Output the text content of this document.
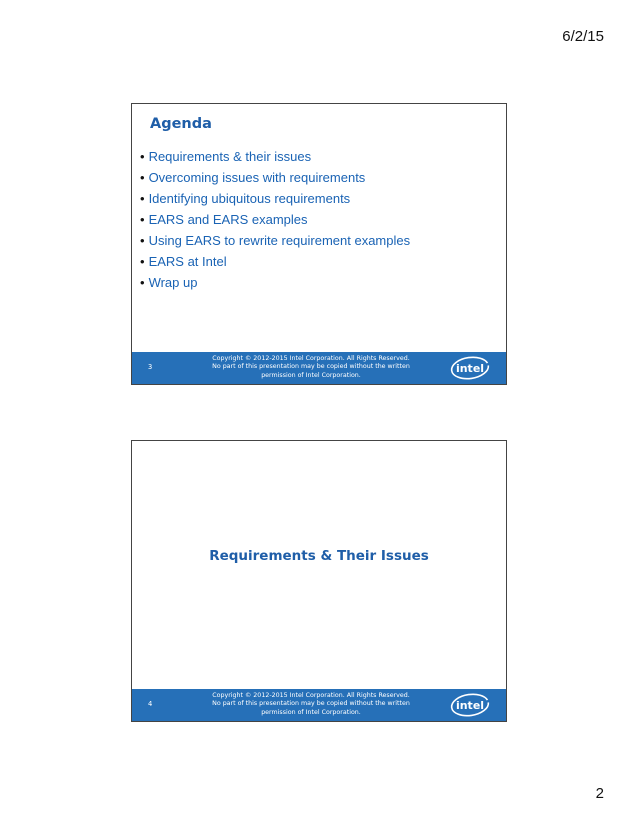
6/2/15
Agenda
• Requirements & their issues
• Overcoming issues with requirements
• Identifying ubiquitous requirements
• EARS and EARS examples
• Using EARS to rewrite requirement examples
• EARS at Intel
• Wrap up
3
Copyright © 2012-2015 Intel Corporation. All Rights Reserved.
No part of this presentation may be copied without the written
permission of Intel Corporation.
intel
Requirements & Their Issues
4
Copyright © 2012-2015 Intel Corporation. All Rights Reserved.
No part of this presentation may be copied without the written
permission of Intel Corporation.
intel
2
